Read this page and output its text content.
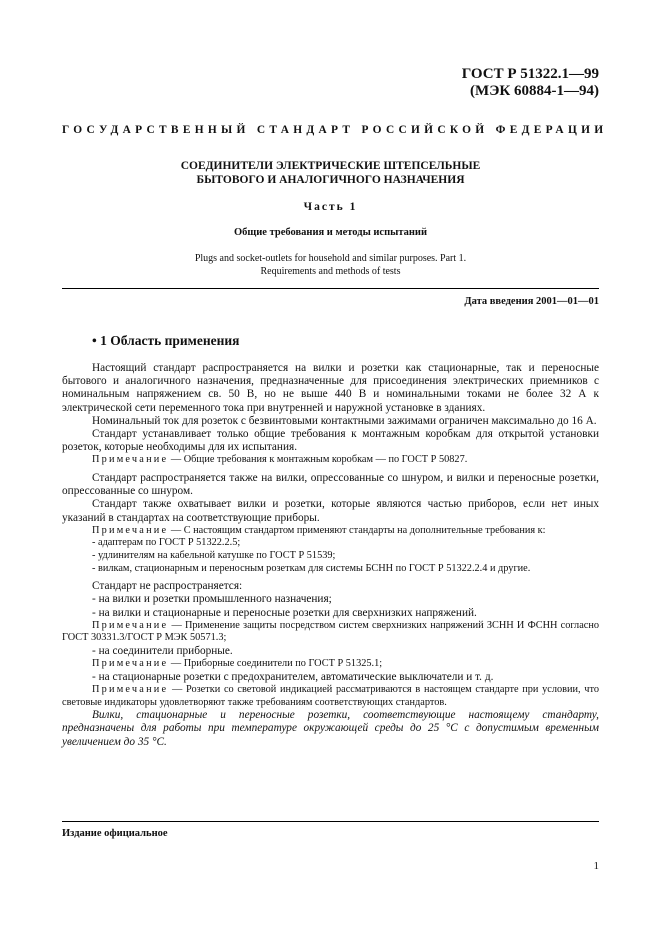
ГОСТ Р 51322.1—99
(МЭК 60884-1—94)
ГОСУДАРСТВЕННЫЙ СТАНДАРТ РОССИЙСКОЙ ФЕДЕРАЦИИ
СОЕДИНИТЕЛИ ЭЛЕКТРИЧЕСКИЕ ШТЕПСЕЛЬНЫЕ
БЫТОВОГО И АНАЛОГИЧНОГО НАЗНАЧЕНИЯ
Часть 1
Общие требования и методы испытаний
Plugs and socket-outlets for household and similar purposes. Part 1.
Requirements and methods of tests
Дата введения 2001—01—01
• 1 Область применения

Настоящий стандарт распространяется на вилки и розетки как стационарные, так и переносные бытового и аналогичного назначения, предназначенные для присоединения электрических приемников с номинальным напряжением св. 50 В, но не выше 440 В и номинальными токами не более 32 А к электрической сети переменного тока при внутренней и наружной установке в зданиях.

Номинальный ток для розеток с безвинтовыми контактными зажимами ограничен максимально до 16 А.

Стандарт устанавливает только общие требования к монтажным коробкам для открытой установки розеток, которые необходимы для их испытания.

Примечание — Общие требования к монтажным коробкам — по ГОСТ Р 50827.

Стандарт распространяется также на вилки, опрессованные со шнуром, и вилки и переносные розетки, опрессованные со шнуром.

Стандарт также охватывает вилки и розетки, которые являются частью приборов, если нет иных указаний в стандартах на соответствующие приборы.

Примечание — С настоящим стандартом применяют стандарты на дополнительные требования к:

- адаптерам по ГОСТ Р 51322.2.5;

- удлинителям на кабельной катушке по ГОСТ Р 51539;

- вилкам, стационарным и переносным розеткам для системы БСНН по ГОСТ Р 51322.2.4 и другие.

Стандарт не распространяется:

- на вилки и розетки промышленного назначения;

- на вилки и стационарные и переносные розетки для сверхнизких напряжений.

Примечание — Применение защиты посредством систем сверхнизких напряжений ЗСНН И ФСНН согласно ГОСТ 30331.3/ГОСТ Р МЭК 50571.3;

- на соединители приборные.

Примечание — Приборные соединители по ГОСТ Р 51325.1;

- на стационарные розетки с предохранителем, автоматические выключатели и т. д.

Примечание — Розетки со световой индикацией рассматриваются в настоящем стандарте при условии, что световые индикаторы удовлетворяют также требованиям соответствующих стандартов.

Вилки, стационарные и переносные розетки, соответствующие настоящему стандарту, предназначены для работы при температуре окружающей среды до 25 °С с допустимым временным увеличением до 35 °С.

Издание официальное
1
